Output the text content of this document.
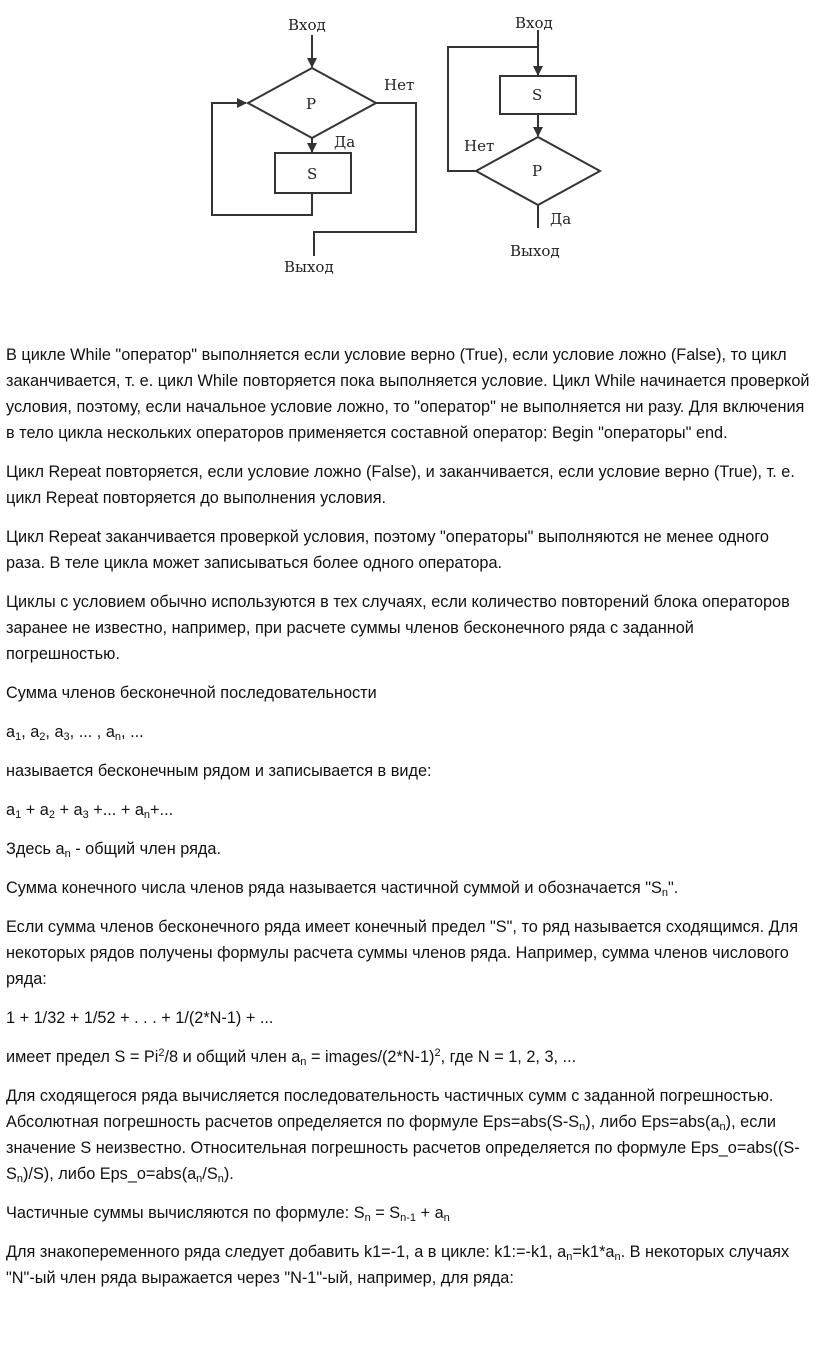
Вход
P
Нет
Да
S
Выход
Вход
S
Нет
P
Да
Выход

В цикле While "оператор" выполняется если условие верно (True), если условие ложно (False), то цикл заканчивается, т. е. цикл While повторяется пока выполняется условие. Цикл While начинается проверкой условия, поэтому, если начальное условие ложно, то "оператор" не выполняется ни разу. Для включения в тело цикла нескольких операторов применяется составной оператор: Begin "операторы" end.

Цикл Repeat повторяется, если условие ложно (False), и заканчивается, если условие верно (True), т. е. цикл Repeat повторяется до выполнения условия.

Цикл Repeat заканчивается проверкой условия, поэтому "операторы" выполняются не менее одного раза. В теле цикла может записываться более одного оператора.

Циклы с условием обычно используются в тех случаях, если количество повторений блока операторов заранее не известно, например, при расчете суммы членов бесконечного ряда с заданной погрешностью.

Сумма членов бесконечной последовательности

$a_1$, $a_2$, $a_3$, ... , $a_n$, ...

называется бесконечным рядом и записывается в виде:

$a_1 + a_2 + a_3$ +... + $a_n+$...

Здесь $a_n$ - общий член ряда.

Сумма конечного числа членов ряда называется частичной суммой и обозначается "$S_n$".

Если сумма членов бесконечного ряда имеет конечный предел "S", то ряд называется сходящимся. Для некоторых рядов получены формулы расчета суммы членов ряда. Например, сумма членов числового ряда:

1 + 1/32 + 1/52 + . . . + 1/(2*N-1) + ...

имеет предел $S = Pi^2/8$ и общий член $a_n$ = images/$(2*N-1)^2$, где N = 1, 2, 3, ...

Для сходящегося ряда вычисляется последовательность частичных сумм с заданной погрешностью. Абсолютная погрешность расчетов определяется по формуле $Eps=abs(S-S_n)$, либо $Eps=abs(a_n)$, если значение S неизвестно. Относительная погрешность расчетов определяется по формуле $Eps\_o=abs((S-S_n)/S)$, либо $Eps\_o=abs(a_n/S_n)$.

Частичные суммы вычисляются по формуле: $S_n = S_{n-1} + a_n$

Для знакопеременного ряда следует добавить k1=-1, а в цикле: k1:=-k1, $a_n=k1*a_n$. В некоторых случаях "N"-ый член ряда выражается через "N-1"-ый, например, для ряда:
